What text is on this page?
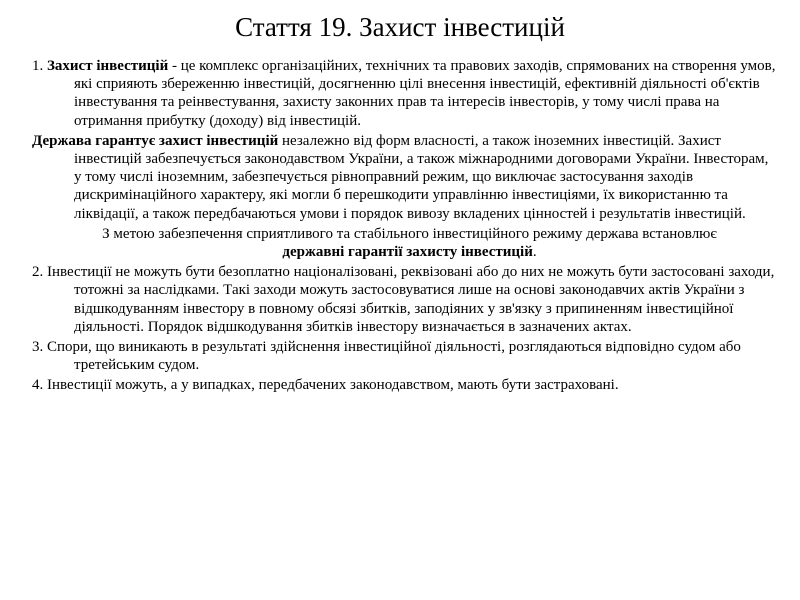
Стаття 19. Захист інвестицій

1. Захист інвестицій - це комплекс організаційних, технічних та правових заходів, спрямованих на створення умов, які сприяють збереженню інвестицій, досягненню цілі внесення інвестицій, ефективній діяльності об'єктів інвестування та реінвестування, захисту законних прав та інтересів інвесторів, у тому числі права на отримання прибутку (доходу) від інвестицій.

Держава гарантує захист інвестицій незалежно від форм власності, а також іноземних інвестицій. Захист інвестицій забезпечується законодавством України, а також міжнародними договорами України. Інвесторам, у тому числі іноземним, забезпечується рівноправний режим, що виключає застосування заходів дискримінаційного характеру, які могли б перешкодити управлінню інвестиціями, їх використанню та ліквідації, а також передбачаються умови і порядок вивозу вкладених цінностей і результатів інвестицій.

З метою забезпечення сприятливого та стабільного інвестиційного режиму держава встановлює державні гарантії захисту інвестицій.

2. Інвестиції не можуть бути безоплатно націоналізовані, реквізовані або до них не можуть бути застосовані заходи, тотожні за наслідками. Такі заходи можуть застосовуватися лише на основі законодавчих актів України з відшкодуванням інвестору в повному обсязі збитків, заподіяних у зв'язку з припиненням інвестиційної діяльності. Порядок відшкодування збитків інвестору визначається в зазначених актах.

3. Спори, що виникають в результаті здійснення інвестиційної діяльності, розглядаються відповідно судом або третейським судом.

4. Інвестиції можуть, а у випадках, передбачених законодавством, мають бути застраховані.
